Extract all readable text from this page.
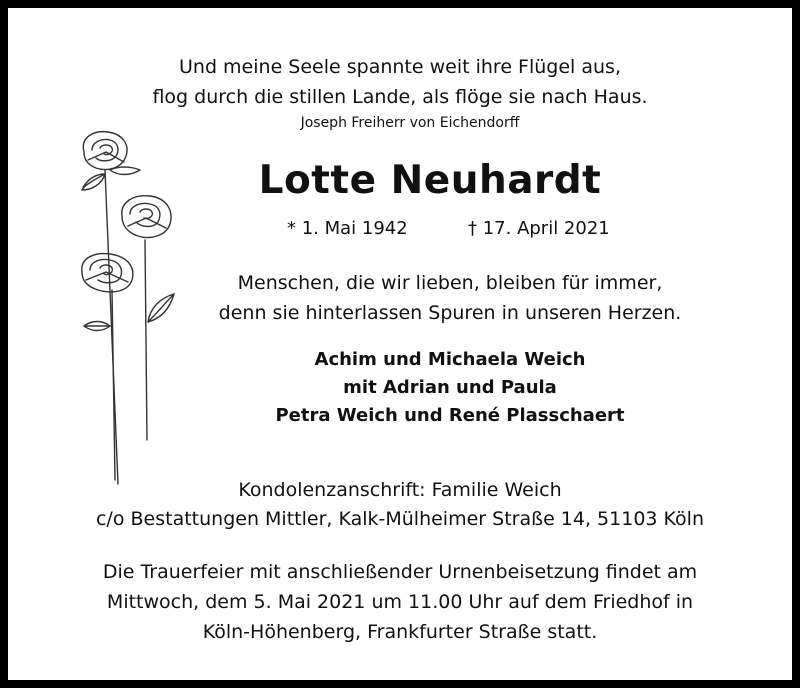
Und meine Seele spannte weit ihre Flügel aus,
flog durch die stillen Lande, als flöge sie nach Haus.
Joseph Freiherr von Eichendorff
Lotte Neuhardt
* 1. Mai 1942	† 17. April 2021
Menschen, die wir lieben, bleiben für immer,
denn sie hinterlassen Spuren in unseren Herzen.
Achim und Michaela Weich
mit Adrian und Paula
Petra Weich und René Plasschaert
Kondolenzanschrift: Familie Weich
c/o Bestattungen Mittler, Kalk-Mülheimer Straße 14, 51103 Köln
Die Trauerfeier mit anschließender Urnenbeisetzung findet am
Mittwoch, dem 5. Mai 2021 um 11.00 Uhr auf dem Friedhof in
Köln-Höhenberg, Frankfurter Straße statt.
